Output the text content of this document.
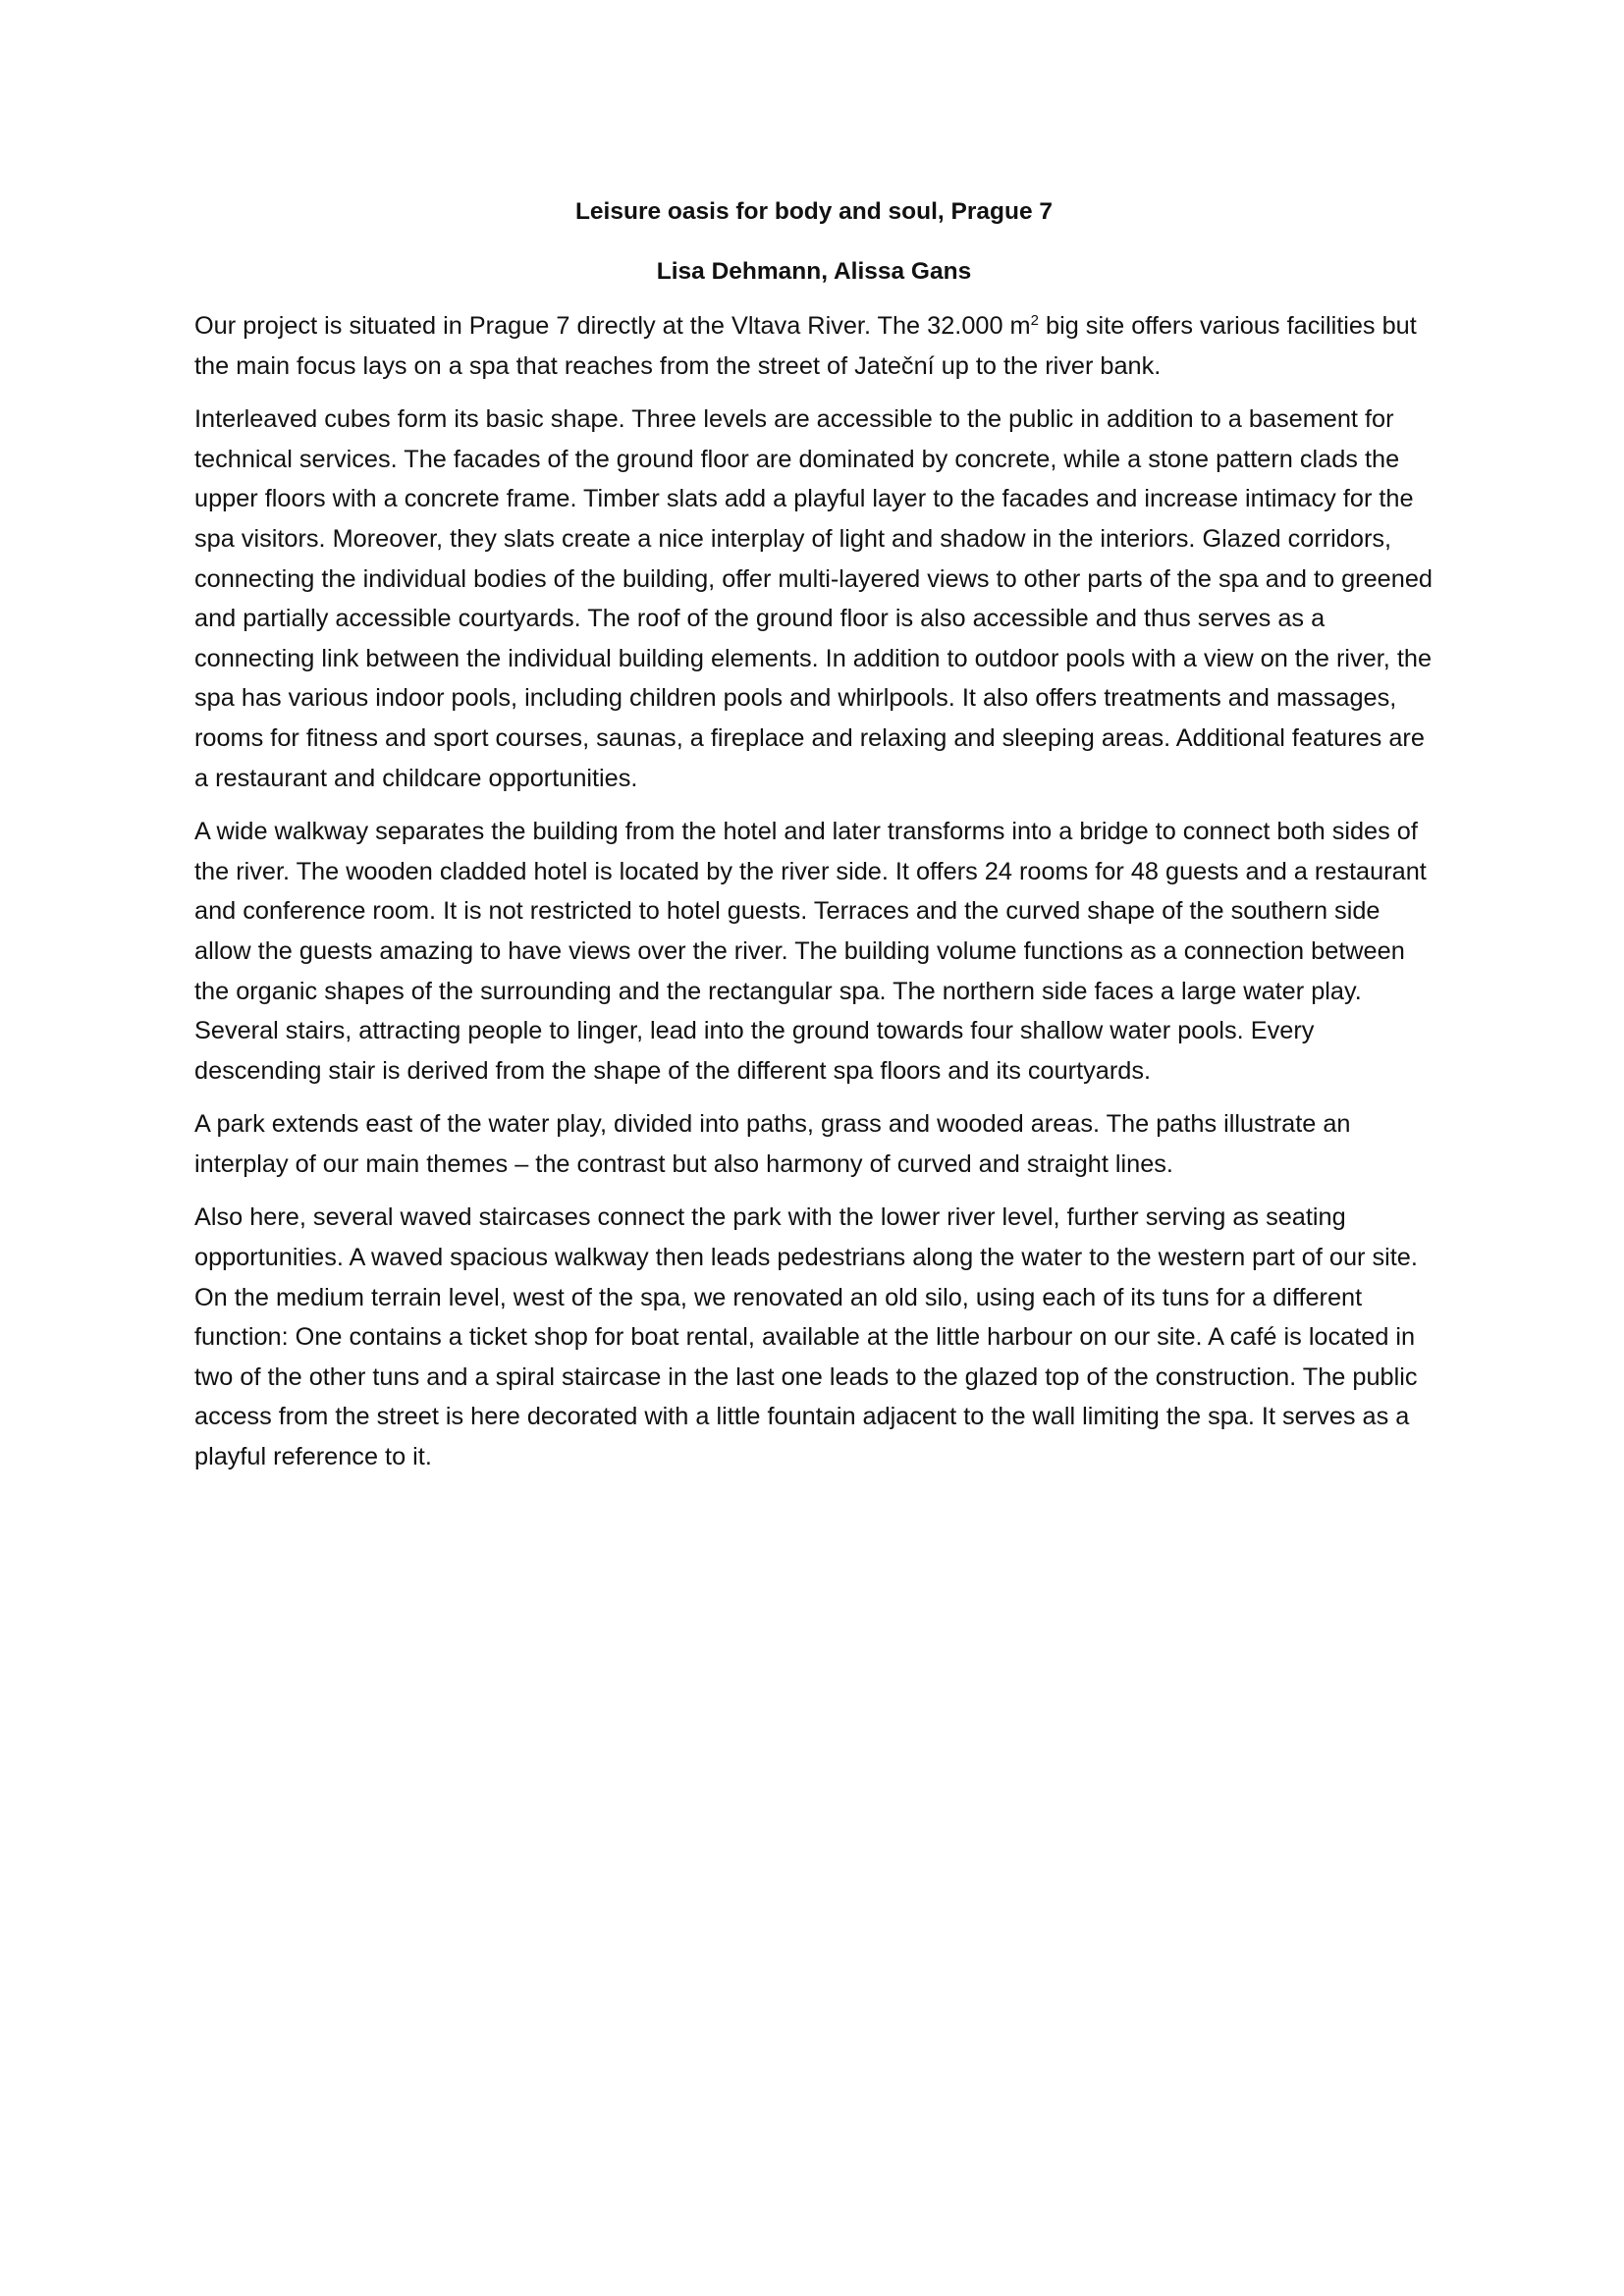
Leisure oasis for body and soul, Prague 7
Lisa Dehmann, Alissa Gans

Our project is situated in Prague 7 directly at the Vltava River. The 32.000 $m^2$ big site offers various facilities but the main focus lays on a spa that reaches from the street of Jateční up to the river bank.

Interleaved cubes form its basic shape. Three levels are accessible to the public in addition to a basement for technical services. The facades of the ground floor are dominated by concrete, while a stone pattern clads the upper floors with a concrete frame. Timber slats add a playful layer to the facades and increase intimacy for the spa visitors. Moreover, they slats create a nice interplay of light and shadow in the interiors. Glazed corridors, connecting the individual bodies of the building, offer multi-layered views to other parts of the spa and to greened and partially accessible courtyards. The roof of the ground floor is also accessible and thus serves as a connecting link between the individual building elements. In addition to outdoor pools with a view on the river, the spa has various indoor pools, including children pools and whirlpools. It also offers treatments and massages, rooms for fitness and sport courses, saunas, a fireplace and relaxing and sleeping areas. Additional features are a restaurant and childcare opportunities.

A wide walkway separates the building from the hotel and later transforms into a bridge to connect both sides of the river. The wooden cladded hotel is located by the river side. It offers 24 rooms for 48 guests and a restaurant and conference room. It is not restricted to hotel guests. Terraces and the curved shape of the southern side allow the guests amazing to have views over the river. The building volume functions as a connection between the organic shapes of the surrounding and the rectangular spa. The northern side faces a large water play. Several stairs, attracting people to linger, lead into the ground towards four shallow water pools. Every descending stair is derived from the shape of the different spa floors and its courtyards.

A park extends east of the water play, divided into paths, grass and wooded areas. The paths illustrate an interplay of our main themes – the contrast but also harmony of curved and straight lines.

Also here, several waved staircases connect the park with the lower river level, further serving as seating opportunities. A waved spacious walkway then leads pedestrians along the water to the western part of our site. On the medium terrain level, west of the spa, we renovated an old silo, using each of its tuns for a different function: One contains a ticket shop for boat rental, available at the little harbour on our site. A café is located in two of the other tuns and a spiral staircase in the last one leads to the glazed top of the construction. The public access from the street is here decorated with a little fountain adjacent to the wall limiting the spa. It serves as a playful reference to it.
